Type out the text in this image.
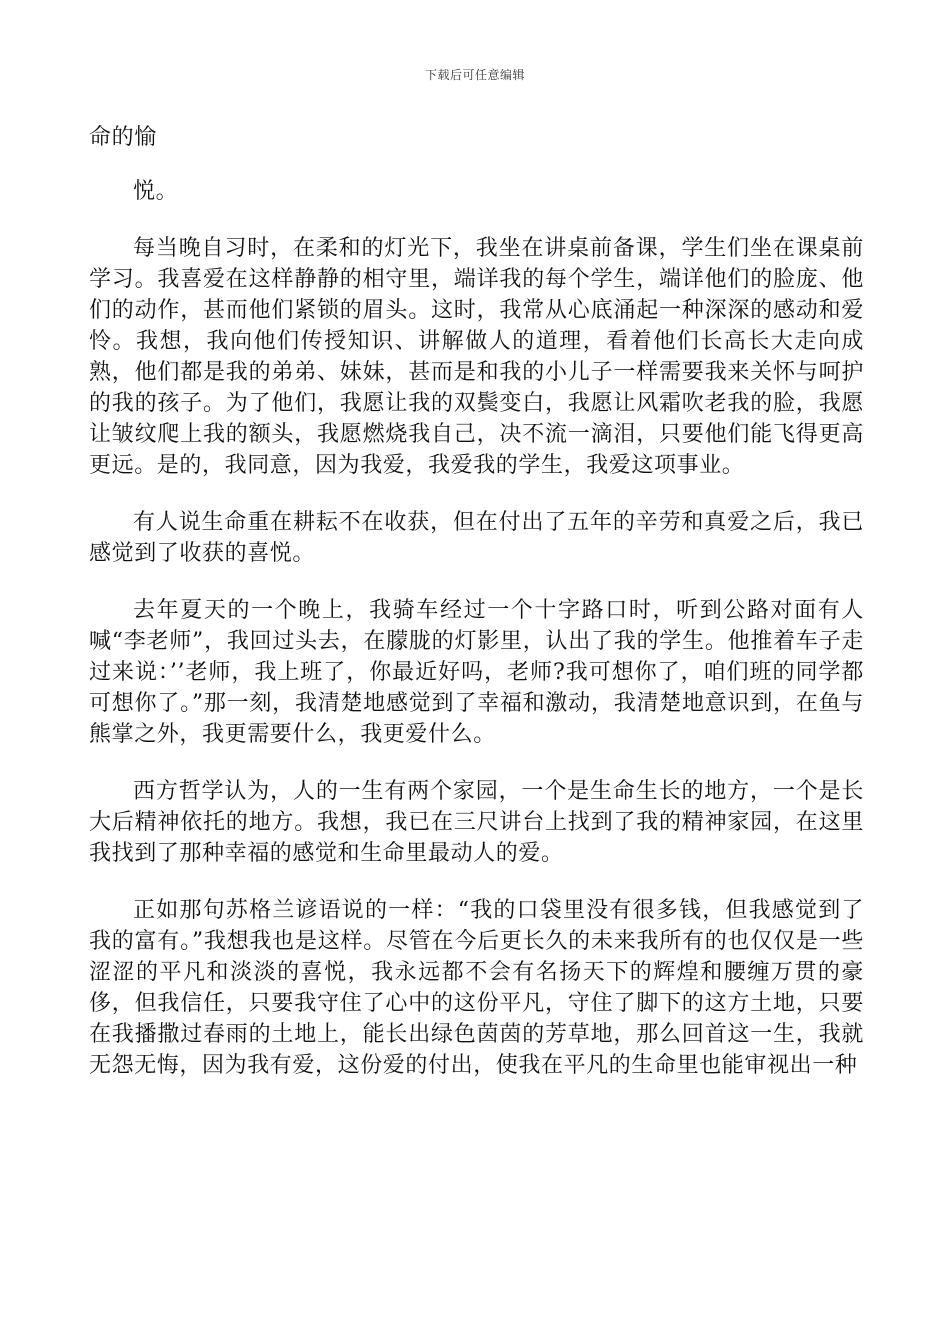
下载后可任意编辑

命的愉

悦。

每当晚自习时，在柔和的灯光下，我坐在讲桌前备课，学生们坐在课桌前学习。我喜爱在这样静静的相守里，端详我的每个学生，端详他们的脸庞、他们的动作，甚而他们紧锁的眉头。这时，我常从心底涌起一种深深的感动和爱怜。我想，我向他们传授知识、讲解做人的道理，看着他们长高长大走向成熟，他们都是我的弟弟、妹妹，甚而是和我的小儿子一样需要我来关怀与呵护的我的孩子。为了他们，我愿让我的双鬓变白，我愿让风霜吹老我的脸，我愿让皱纹爬上我的额头，我愿燃烧我自己，决不流一滴泪，只要他们能飞得更高更远。是的，我同意，因为我爱，我爱我的学生，我爱这项事业。

有人说生命重在耕耘不在收获，但在付出了五年的辛劳和真爱之后，我已感觉到了收获的喜悦。

去年夏天的一个晚上，我骑车经过一个十字路口时，听到公路对面有人喊“李老师”，我回过头去，在朦胧的灯影里，认出了我的学生。他推着车子走过来说：’’老师，我上班了，你最近好吗，老师?我可想你了，咱们班的同学都可想你了。”那一刻，我清楚地感觉到了幸福和激动，我清楚地意识到，在鱼与熊掌之外，我更需要什么，我更爱什么。

西方哲学认为，人的一生有两个家园，一个是生命生长的地方，一个是长大后精神依托的地方。我想，我已在三尺讲台上找到了我的精神家园，在这里我找到了那种幸福的感觉和生命里最动人的爱。

正如那句苏格兰谚语说的一样：“我的口袋里没有很多钱，但我感觉到了我的富有。”我想我也是这样。尽管在今后更长久的未来我所有的也仅仅是一些涩涩的平凡和淡淡的喜悦，我永远都不会有名扬天下的辉煌和腰缠万贯的豪侈，但我信任，只要我守住了心中的这份平凡，守住了脚下的这方土地，只要在我播撒过春雨的土地上，能长出绿色茵茵的芳草地，那么回首这一生，我就无怨无悔，因为我有爱，这份爱的付出，使我在平凡的生命里也能审视出一种
